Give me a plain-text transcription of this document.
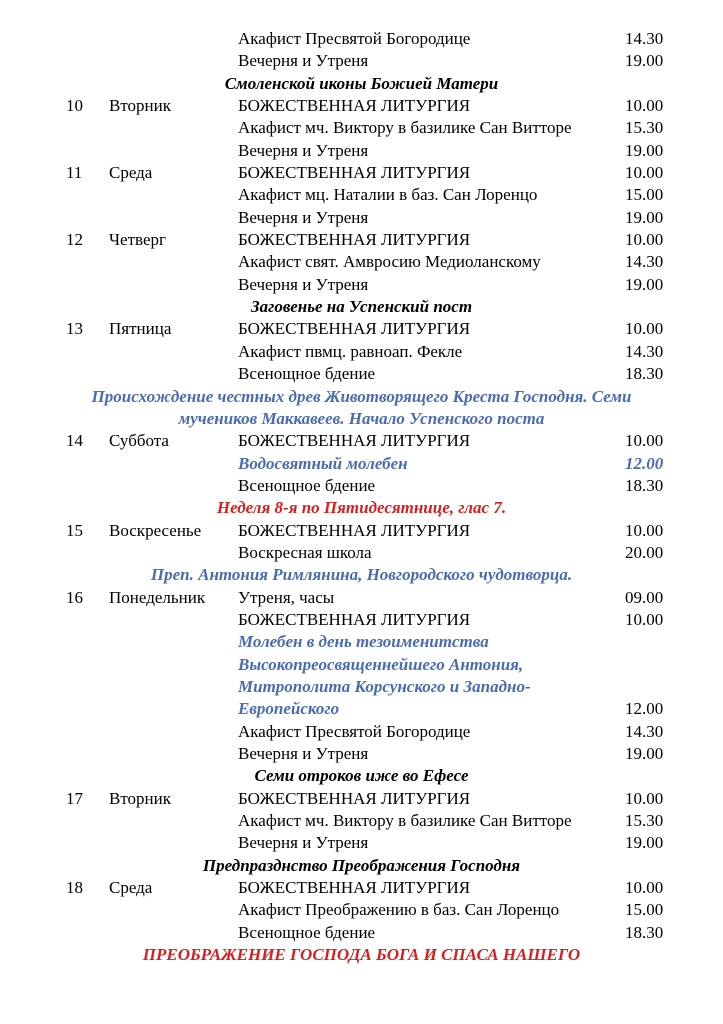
Акафист Пресвятой Богородице	14.30
Вечерня и Утреня	19.00
Смоленской иконы Божией Матери
10 Вторник	БОЖЕСТВЕННАЯ ЛИТУРГИЯ	10.00
Акафист мч. Виктору в базилике Сан Витторе	15.30
Вечерня и Утреня	19.00
11 Среда	БОЖЕСТВЕННАЯ ЛИТУРГИЯ	10.00
Акафист мц. Наталии в баз. Сан Лоренцо	15.00
Вечерня и Утреня	19.00
12 Четверг	БОЖЕСТВЕННАЯ ЛИТУРГИЯ	10.00
Акафист свят. Амвросию Медиоланскому	14.30
Вечерня и Утреня	19.00
Заговенье на Успенский пост
13 Пятница	БОЖЕСТВЕННАЯ ЛИТУРГИЯ	10.00
Акафист пвмц. равноап. Фекле	14.30
Всенощное бдение	18.30
Происхождение честных древ Животворящего Креста Господня. Семи
мучеников Маккавеев. Начало Успенского поста
14 Суббота	БОЖЕСТВЕННАЯ ЛИТУРГИЯ	10.00
Водосвятный молебен	12.00
Всенощное бдение	18.30
Неделя 8-я по Пятидесятнице, глас 7.
15 Воскресенье БОЖЕСТВЕННАЯ ЛИТУРГИЯ	10.00
Воскресная школа	20.00
Преп. Антония Римлянина, Новгородского чудотворца.
16 Понедельник Утреня, часы	09.00
БОЖЕСТВЕННАЯ ЛИТУРГИЯ	10.00
Молебен в день тезоименитства
Высокопреосвященнейшего Антония,
Митрополита Корсунского и Западно-
Европейского	12.00
Акафист Пресвятой Богородице	14.30
Вечерня и Утреня	19.00
Семи отроков иже во Ефесе
17 Вторник	БОЖЕСТВЕННАЯ ЛИТУРГИЯ	10.00
Акафист мч. Виктору в базилике Сан Витторе	15.30
Вечерня и Утреня	19.00
Предпразднство Преображения Господня
18 Среда	БОЖЕСТВЕННАЯ ЛИТУРГИЯ	10.00
Акафист Преображению в баз. Сан Лоренцо	15.00
Всенощное бдение	18.30
ПРЕОБРАЖЕНИЕ ГОСПОДА БОГА И СПАСА НАШЕГО
